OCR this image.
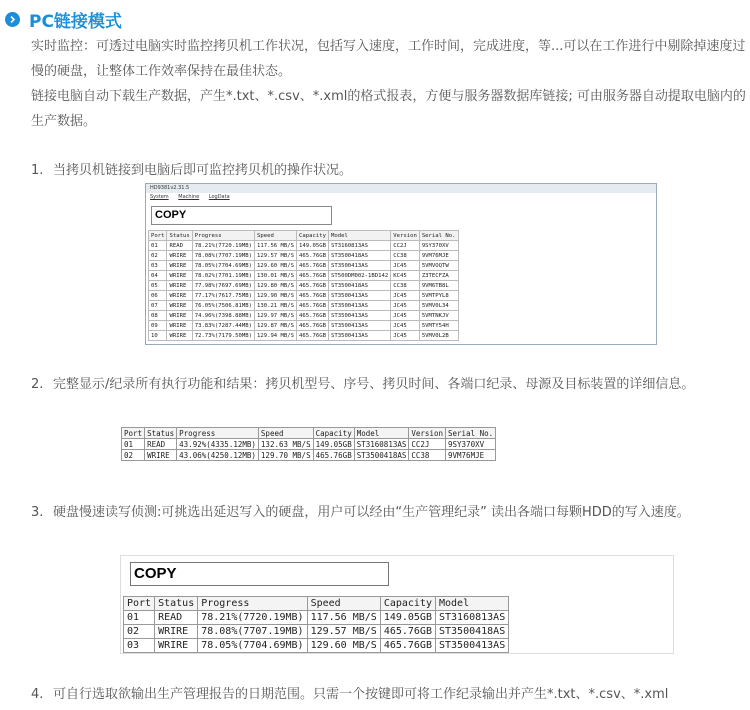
PC链接模式

实时监控：可透过电脑实时监控拷贝机工作状况，包括写入速度，工作时间，完成进度，等...可以在工作进行中剔除掉速度过慢的硬盘，让整体工作效率保持在最佳状态。

链接电脑自动下载生产数据，产生*.txt、*.csv、*.xml的格式报表，方便与服务器数据库链接; 可由服务器自动提取电脑内的生产数据。

1. 当拷贝机链接到电脑后即可监控拷贝机的操作状况。
HD9381v2.31.5
System Machine LogData
COPY
Port	Status	Progress	Speed	Capacity	Model	Version	Serial No.
01	READ	78.21%(7720.19MB)	117.56 MB/S	149.05GB	ST3160813AS	CC2J	9SY370XV
02	WRIRE	78.08%(7707.19MB)	129.57 MB/S	465.76GB	ST3500418AS	CC38	9VM76MJE
03	WRIRE	78.05%(7704.69MB)	129.60 MB/S	465.76GB	ST3500413AS	JC45	5VMVOQTW
04	WRIRE	78.02%(7701.19MB)	130.01 MB/S	465.76GB	ST500DM002-1BD142	KC45	Z3TECFZA
05	WRIRE	77.98%(7697.69MB)	129.80 MB/S	465.76GB	ST3500418AS	CC38	9VM6TB8L
06	WRIRE	77.17%(7617.75MB)	129.90 MB/S	465.76GB	ST3500413AS	JC45	5VMTPYL8
07	WRIRE	76.05%(7506.81MB)	130.21 MB/S	465.76GB	ST3500413AS	JC45	5VMV0L34
08	WRIRE	74.96%(7398.88MB)	129.97 MB/S	465.76GB	ST3500413AS	JC45	5VMTNKJV
09	WRIRE	73.83%(7287.44MB)	129.87 MB/S	465.76GB	ST3500413AS	JC45	5VMTY54H
10	WRIRE	72.73%(7179.50MB)	129.94 MB/S	465.76GB	ST3500413AS	JC45	5VMV0L2B
2. 完整显示/纪录所有执行功能和结果：拷贝机型号、序号、拷贝时间、各端口纪录、母源及目标装置的详细信息。
Port	Status	Progress	Speed	Capacity	Model	Version	Serial No.
01	READ	43.92%(4335.12MB)	132.63 MB/S	149.05GB	ST3160813AS	CC2J	9SY370XV
02	WRIRE	43.06%(4250.12MB)	129.70 MB/S	465.76GB	ST3500418AS	CC38	9VM76MJE
3. 硬盘慢速读写侦测:可挑选出延迟写入的硬盘，用户可以经由“生产管理纪录” 读出各端口每颗HDD的写入速度。
COPY
Port	Status	Progress	Speed	Capacity	Model
01	READ	78.21%(7720.19MB)	117.56 MB/S	149.05GB	ST3160813AS
02	WRIRE	78.08%(7707.19MB)	129.57 MB/S	465.76GB	ST3500418AS
03	WRIRE	78.05%(7704.69MB)	129.60 MB/S	465.76GB	ST3500413AS
4. 可自行选取欲输出生产管理报告的日期范围。只需一个按键即可将工作纪录输出并产生*.txt、*.csv、*.xml
